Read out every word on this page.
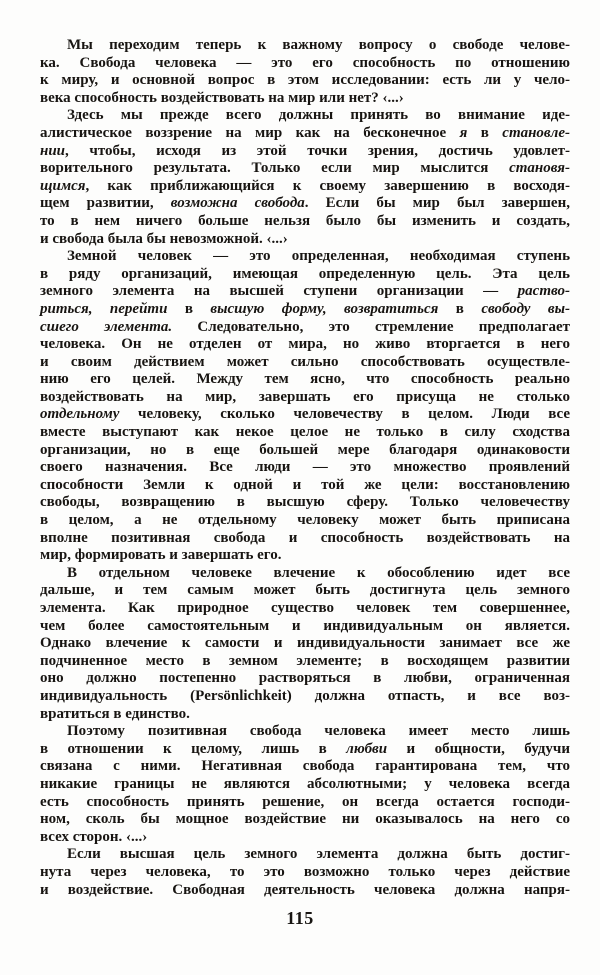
Мы переходим теперь к важному вопросу о свободе челове-
ка. Свобода человека — это его способность по отношению
к миру, и основной вопрос в этом исследовании: есть ли у чело-
века способность воздействовать на мир или нет? ‹...›
Здесь мы прежде всего должны принять во внимание иде-
алистическое воззрение на мир как на бесконечное я в становле-
нии, чтобы, исходя из этой точки зрения, достичь удовлет-
ворительного результата. Только если мир мыслится становя-
щимся, как приближающийся к своему завершению в восходя-
щем развитии, возможна свобода. Если бы мир был завершен,
то в нем ничего больше нельзя было бы изменить и создать,
и свобода была бы невозможной. ‹...›
Земной человек — это определенная, необходимая ступень
в ряду организаций, имеющая определенную цель. Эта цель
земного элемента на высшей ступени организации — раство-
риться, перейти в высшую форму, возвратиться в свободу вы-
сшего элемента. Следовательно, это стремление предполагает
человека. Он не отделен от мира, но живо вторгается в него
и своим действием может сильно способствовать осуществле-
нию его целей. Между тем ясно, что способность реально
воздействовать на мир, завершать его присуща не столько
отдельному человеку, сколько человечеству в целом. Люди все
вместе выступают как некое целое не только в силу сходства
организации, но в еще большей мере благодаря одинаковости
своего назначения. Все люди — это множество проявлений
способности Земли к одной и той же цели: восстановлению
свободы, возвращению в высшую сферу. Только человечеству
в целом, а не отдельному человеку может быть приписана
вполне позитивная свобода и способность воздействовать на
мир, формировать и завершать его.
В отдельном человеке влечение к обособлению идет все
дальше, и тем самым может быть достигнута цель земного
элемента. Как природное существо человек тем совершеннее,
чем более самостоятельным и индивидуальным он является.
Однако влечение к самости и индивидуальности занимает все же
подчиненное место в земном элементе; в восходящем развитии
оно должно постепенно растворяться в любви, ограниченная
индивидуальность (Persönlichkeit) должна отпасть, и все воз-
вратиться в единство.
Поэтому позитивная свобода человека имеет место лишь
в отношении к целому, лишь в любви и общности, будучи
связана с ними. Негативная свобода гарантирована тем, что
никакие границы не являются абсолютными; у человека всегда
есть способность принять решение, он всегда остается господи-
ном, сколь бы мощное воздействие ни оказывалось на него со
всех сторон. ‹...›
Если высшая цель земного элемента должна быть достиг-
нута через человека, то это возможно только через действие
и воздействие. Свободная деятельность человека должна напря-
115
